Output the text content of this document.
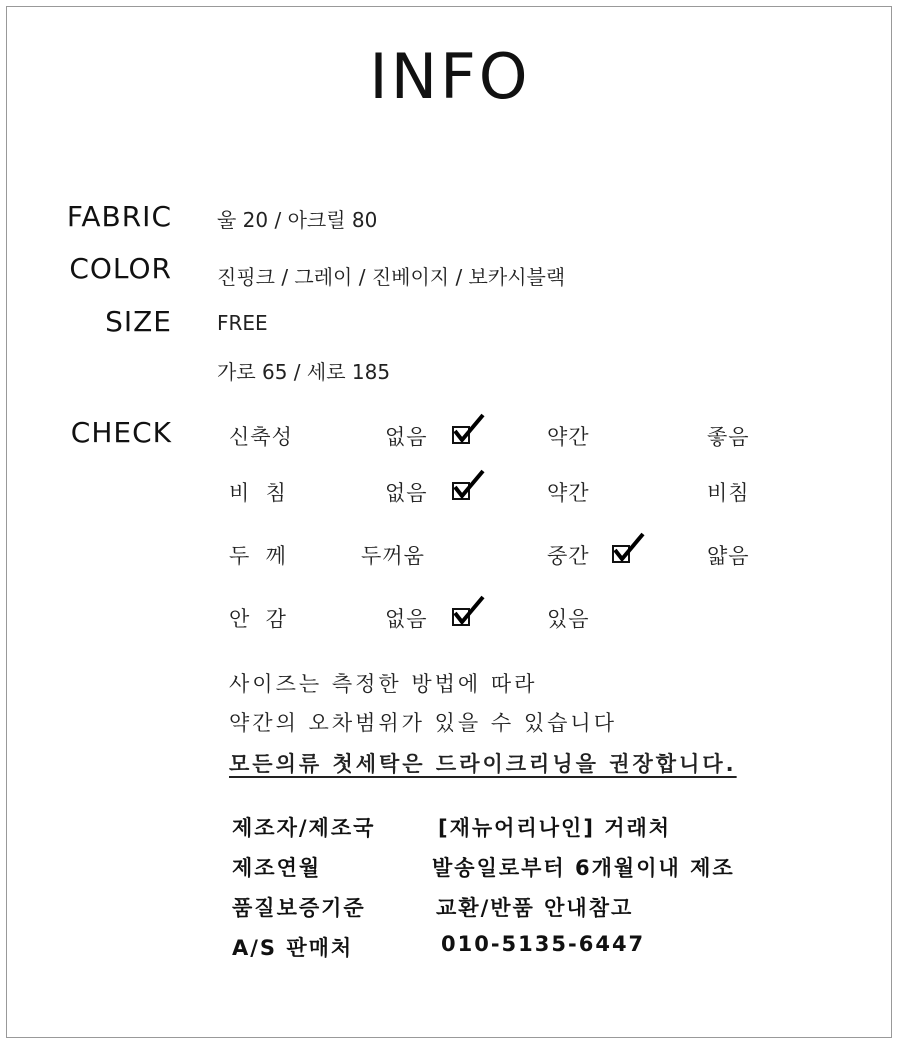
INFO
FABRIC 울 20 / 아크릴 80
COLOR 진핑크 / 그레이 / 진베이지 / 보카시블랙
SIZE FREE
가로 65 / 세로 185
CHECK	신축성	없음	약간	좋음
비  침	없음	약간	비침
두  께	두꺼움	중간	얇음
안  감	없음	있음
사이즈는 측정한 방법에 따라
약간의 오차범위가 있을 수 있습니다
모든의류 첫세탁은 드라이크리닝을 권장합니다.
제조자/제조국	[재뉴어리나인] 거래처
제조연월	발송일로부터 6개월이내 제조
품질보증기준	교환/반품 안내참고
A/S 판매처	010-5135-6447
